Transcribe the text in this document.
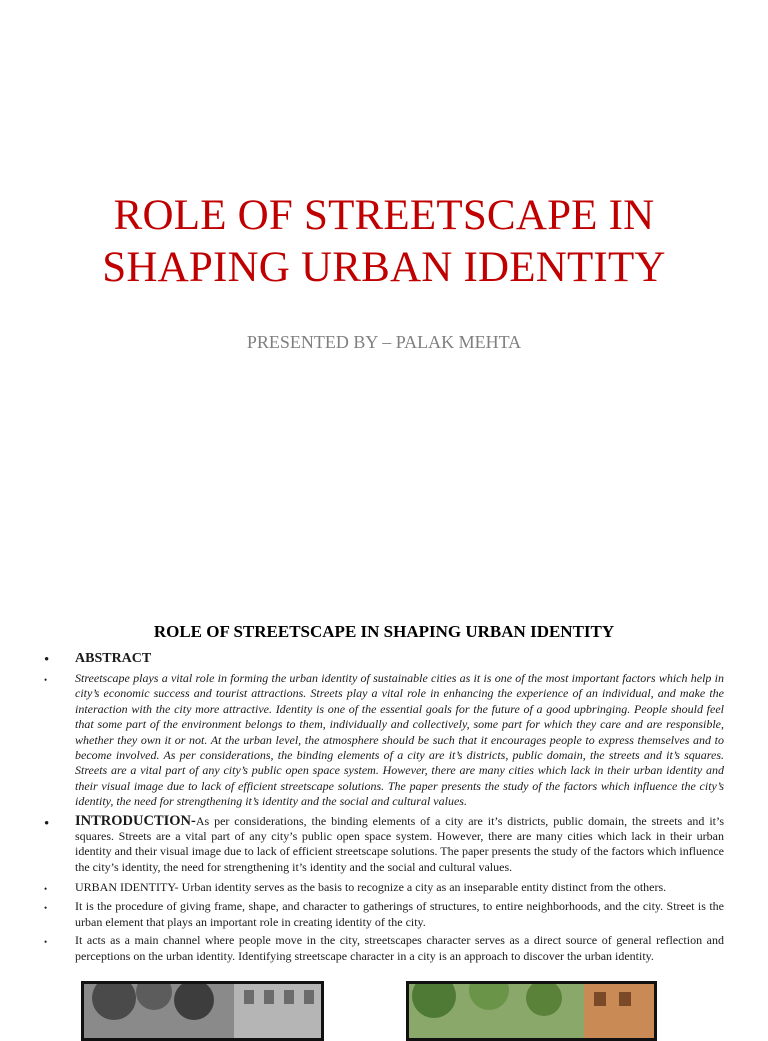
ROLE OF STREETSCAPE IN
SHAPING URBAN IDENTITY
PRESENTED BY – PALAK MEHTA
ROLE OF STREETSCAPE IN SHAPING URBAN IDENTITY
•	ABSTRACT
•	Streetscape plays a vital role in forming the urban identity of sustainable cities as it is one of the most important factors which help in city’s economic success and tourist attractions. Streets play a vital role in enhancing the experience of an individual, and make the interaction with the city more attractive. Identity is one of the essential goals for the future of a good upbringing. People should feel that some part of the environment belongs to them, individually and collectively, some part for which they care and are responsible, whether they own it or not. At the urban level, the atmosphere should be such that it encourages people to express themselves and to become involved. As per considerations, the binding elements of a city are it’s districts, public domain, the streets and it’s squares. Streets are a vital part of any city’s public open space system. However, there are many cities which lack in their urban identity and their visual image due to lack of efficient streetscape solutions. The paper presents the study of the factors which influence the city’s identity, the need for strengthening it’s identity and the social and cultural values.
•	INTRODUCTION-As per considerations, the binding elements of a city are it’s districts, public domain, the streets and it’s squares. Streets are a vital part of any city’s public open space system. However, there are many cities which lack in their urban identity and their visual image due to lack of efficient streetscape solutions. The paper presents the study of the factors which influence the city’s identity, the need for strengthening it’s identity and the social and cultural values.
•	URBAN IDENTITY- Urban identity serves as the basis to recognize a city as an inseparable entity distinct from the others.
•	It is the procedure of giving frame, shape, and character to gatherings of structures, to entire neighborhoods, and the city. Street is the urban element that plays an important role in creating identity of the city.
•	It acts as a main channel where people move in the city, streetscapes character serves as a direct source of general reflection and perceptions on the urban identity. Identifying streetscape character in a city is an approach to discover the urban identity.
